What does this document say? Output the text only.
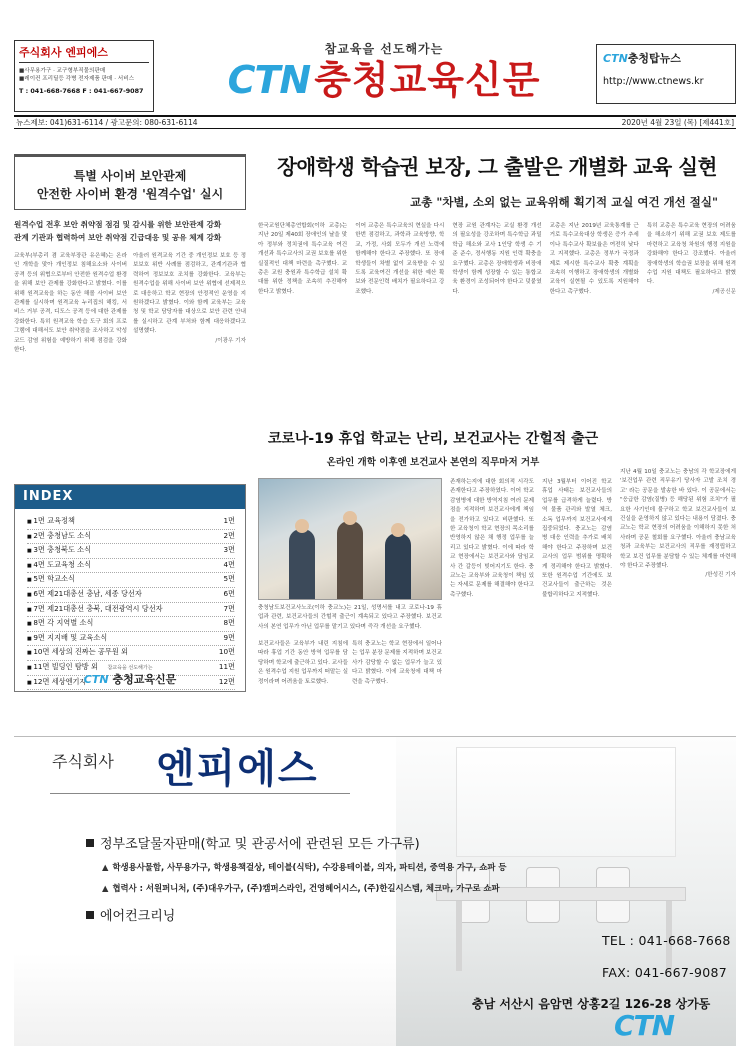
주식회사 엔피에스
■사무용가구 · 교구형부직물의판매
■레이컨 프리딜등 각병 전자제품 판매 · 서비스
T : 041-668-7668 F : 041-667-9087
참교육을 선도해가는
CTN 충청교육신문	CTN충청탑뉴스
http://www.ctnews.kr
뉴스제보: 041)631-6114 / 광고문의: 080-631-6114	2020년 4월 23일 (목) [제441호]
특별 사이버 보안관제
안전한 사이버 환경 '원격수업' 실시
원격수업 전후 보안 취약점 점검 및 감시를 위한 보안관제 강화
관계 기관과 협력하여 보안 취약점 긴급대응 및 공유 체계 강화
교육부(부총리 겸 교육부장관 유은혜)는 온라인 개학을 맞아 개인정보 침해요소와 사이버 공격 등의 위협으로부터 안전한 원격수업 환경을 위해 보안 관제를 강화한다고 밝혔다. 이를 위해 원격교육을 하는 동안 해볼 사이버 보안관제를 실시하며 원격교육 누리집의 해킹, 서비스 거부 공격, 디도스 공격 등에 대한 관제를 강화한다. 특히 원격교육 학습 도구 회의 프로그램에 대해서도 보안 취약점을 조사하고 악성코드 감염 위험을 예방하기 위해 점검을 강화한다.
아울러 원격교육 기간 중 개인정보 보호 등 정보보호 위반 사례를 점검하고, 관계기관과 협력하여 정보보호 조치를 강화한다. 교육부는 원격수업을 위해 사이버 보안 위협에 선제적으로 대응하고 학교 현장의 안정적인 운영을 지원하겠다고 밝혔다. 이와 함께 교육부는 교육청 및 학교 담당자를 대상으로 보안 관련 안내를 실시하고 관계 부처와 함께 대응하겠다고 설명했다.
/이광우 기자
장애학생 학습권 보장, 그 출발은 개별화 교육 실현
교총 "차별, 소외 없는 교육위해 획기적 교실 여건 개선 절실"
한국교원단체총연합회(이하 교총)는 지난 20일 제40회 장애인의 날을 맞아 정부와 정치권에 특수교육 여건 개선과 특수교사의 교권 보호를 위한 실질적인 대책 마련을 촉구했다. 교총은 교원 충원과 특수학급 설치 확대를 위한 정책을 조속히 추진해야 한다고 밝혔다.
이어 교총은 특수교육의 현실을 다시 한번 점검하고, 과학과 교육방향, 학교, 가정, 사회 모두가 개선 노력에 함께해야 한다고 주장했다. 또 장애학생들이 차별 없이 교육받을 수 있도록 교육여건 개선을 위한 예산 확보와 전문인력 배치가 필요하다고 강조했다.
현장 교원 관계자는 교실 환경 개선의 필요성을 강조하며 특수학급 과밀학급 해소와 교사 1인당 학생 수 기준 준수, 정서행동 지원 인력 확충을 요구했다. 교총은 장애학생과 비장애학생이 함께 성장할 수 있는 통합교육 환경이 조성되어야 한다고 덧붙였다.
교총은 지난 2019년 교육통계를 근거로 특수교육대상 학생은 증가 추세이나 특수교사 확보율은 여전히 낮다고 지적했다. 교총은 정부가 국정과제로 제시한 특수교사 확충 계획을 조속히 이행하고 장애학생의 개별화 교육이 실현될 수 있도록 지원해야 한다고 촉구했다.
특히 교총은 특수교육 현장의 어려움을 해소하기 위해 교권 보호 제도를 마련하고 교육청 차원의 행정 지원을 강화해야 한다고 강조했다. 아울러 장애학생의 학습권 보장을 위해 원격수업 지원 대책도 필요하다고 밝혔다.
/제공신문
INDEX
■ 1면 교육정책	1면
■ 2면 충청남도 소식	2면
■ 3면 충청북도 소식	3면
■ 4면 도교육청 소식	4면
■ 5면 학교소식	5면
■ 6면 제21대총선 충남, 세종 당선자	6면
■ 7면 제21대총선 충북, 대전광역시 당선자	7면
■ 8면 각 지역별 소식	8면
■ 9면 지지배 및 교육소식	9면
■ 10면 세상의 진짜는 공무원 외	10면
■ 11면 빌딩인 탐방 외	11면
■ 12면 세상엔기자	12면
참교육을 선도해가는
CTN 충청교육신문
코로나-19 휴업 학교는 난리, 보건교사는 간헐적 출근
온라인 개학 이후엔 보건교사 본연의 직무마저 거부
충청남도보건교사노조(이하 충교노)는 21일, 성명서를 내고 코로나-19 휴업과 관련, 보건교사들의 간헐적 출근이 계속되고 있다고 주장했다. 보건교사의 본연 업무가 아닌 업무를 맡기고 있다며 즉각 개선을 요구했다.
보건교사들은 교육부가 내린 지침에 따라 휴업 기간 동안 방역 업무를 담당하며 학교에 출근하고 있다. 교사들은 원격수업 지원 업무까지 떠맡는 실정이라며 어려움을 토로했다.
특히 충교노는 학교 현장에서 일어나는 업무 분장 문제를 지적하며 보건교사가 감당할 수 없는 업무가 늘고 있다고 밝혔다. 이에 교육청에 대책 마련을 촉구했다.
존재하는지에 대한 회의적 시각도 존재한다고 주장하였다. 이어 학교 감염병에 대한 방역지침 여러 문제점을 지적하며 보건교사에게 책임을 전가하고 있다고 비판했다. 또한 교육청이 학교 현장의 목소리를 반영하지 않은 채 행정 업무를 늘리고 있다고 밝혔다. 이에 따라 학교 현장에서는 보건교사와 담임교사 간 갈등이 빚어지기도 한다. 충교노는 교육부와 교육청이 책임 있는 자세로 문제를 해결해야 한다고 촉구했다.
지난 3월부터 이어진 학교 휴업 사태는 보건교사들의 업무를 급격하게 늘렸다. 방역 물품 관리와 발열 체크, 소독 업무까지 보건교사에게 집중되었다. 충교노는 감염병 대응 인력을 추가로 배치해야 한다고 주장하며 보건교사의 업무 범위를 명확하게 정리해야 한다고 밝혔다. 또한 원격수업 기간에도 보건교사들이 출근하는 것은 불합리하다고 지적했다.
지난 4월 10일 충교노는 충남의 각 학교장에게 '보건업무 관련 직무유기 당사자 고발 조치 경고' 라는 공문을 발송한 바 있다. 이 공문에서는 "응급한 감염(질병) 등 해당된 위험 조치"가 필요한 사기인데 불구하고 학교 보건교사들이 보건실을 운영하지 않고 있다는 내용이 담겼다. 충교노는 학교 현장의 어려움을 이해하지 못한 처사라며 공문 철회를 요구했다. 아울러 충남교육청과 교육부는 보건교사의 직무를 재정립하고 학교 보건 업무를 분담할 수 있는 체계를 마련해야 한다고 주장했다.
/한성진 기자
주식회사 엔피에스
정부조달물자판매(학교 및 관공서에 관련된 모든 가구류)
▲ 학생용사물함, 사무용가구, 학생용책걸상, 테이블(식탁), 수강용테이블, 의자, 파티션, 중역용 가구, 쇼파 등
▲ 협력사 : 서원퍼니처, (주)대우가구, (주)캠퍼스라인, 건영헤어시스, (주)한길시스템, 체크마, 가구로 쇼파
에어컨크리닝
TEL : 041-668-7668
FAX: 041-667-9087
충남 서산시 음암면 상홍2길 126-28 상가동
CTN
